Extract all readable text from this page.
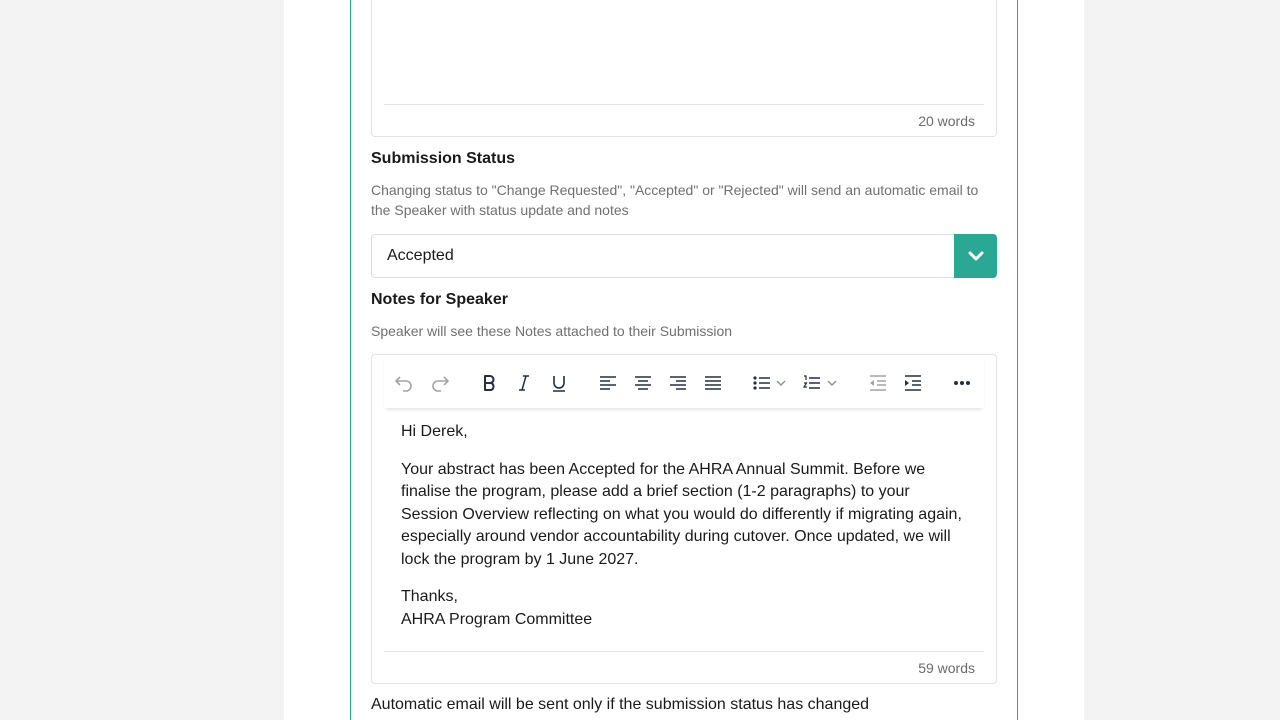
20 words
Submission Status
Changing status to "Change Requested", "Accepted" or "Rejected" will send an automatic email to the Speaker with status update and notes
Accepted
Notes for Speaker
Speaker will see these Notes attached to their Submission

Hi Derek,

Your abstract has been Accepted for the AHRA Annual Summit. Before we finalise the program, please add a brief section (1-2 paragraphs) to your Session Overview reflecting on what you would do differently if migrating again, especially around vendor accountability during cutover. Once updated, we will lock the program by 1 June 2027.

Thanks,
AHRA Program Committee
59 words
Automatic email will be sent only if the submission status has changed
